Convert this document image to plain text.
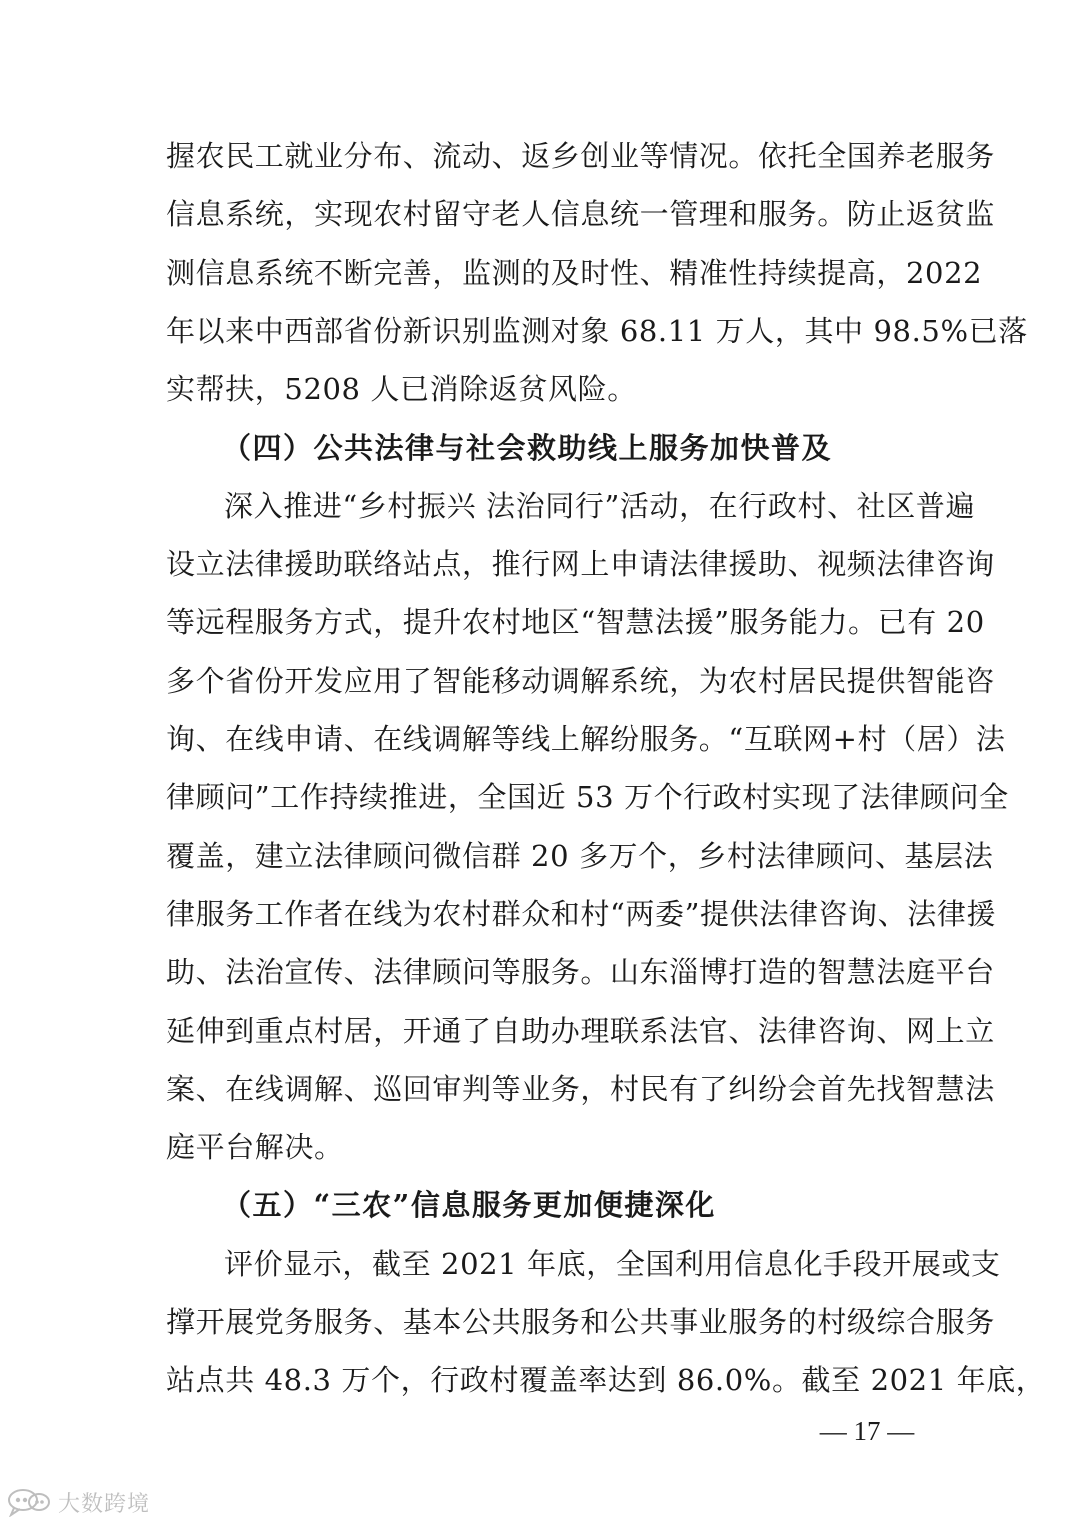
握农民工就业分布、流动、返乡创业等情况。依托全国养老服务
信息系统，实现农村留守老人信息统一管理和服务。防止返贫监
测信息系统不断完善，监测的及时性、精准性持续提高，2022
年以来中西部省份新识别监测对象 68.11 万人，其中 98.5%已落
实帮扶，5208 人已消除返贫风险。
（四）公共法律与社会救助线上服务加快普及
深入推进“乡村振兴 法治同行”活动，在行政村、社区普遍
设立法律援助联络站点，推行网上申请法律援助、视频法律咨询
等远程服务方式，提升农村地区“智慧法援”服务能力。已有 20
多个省份开发应用了智能移动调解系统，为农村居民提供智能咨
询、在线申请、在线调解等线上解纷服务。“互联网+村（居）法
律顾问”工作持续推进，全国近 53 万个行政村实现了法律顾问全
覆盖，建立法律顾问微信群 20 多万个，乡村法律顾问、基层法
律服务工作者在线为农村群众和村“两委”提供法律咨询、法律援
助、法治宣传、法律顾问等服务。山东淄博打造的智慧法庭平台
延伸到重点村居，开通了自助办理联系法官、法律咨询、网上立
案、在线调解、巡回审判等业务，村民有了纠纷会首先找智慧法
庭平台解决。
（五）“三农”信息服务更加便捷深化
评价显示，截至 2021 年底，全国利用信息化手段开展或支
撑开展党务服务、基本公共服务和公共事业服务的村级综合服务
站点共 48.3 万个，行政村覆盖率达到 86.0%。截至 2021 年底，
— 17 —
大数跨境
